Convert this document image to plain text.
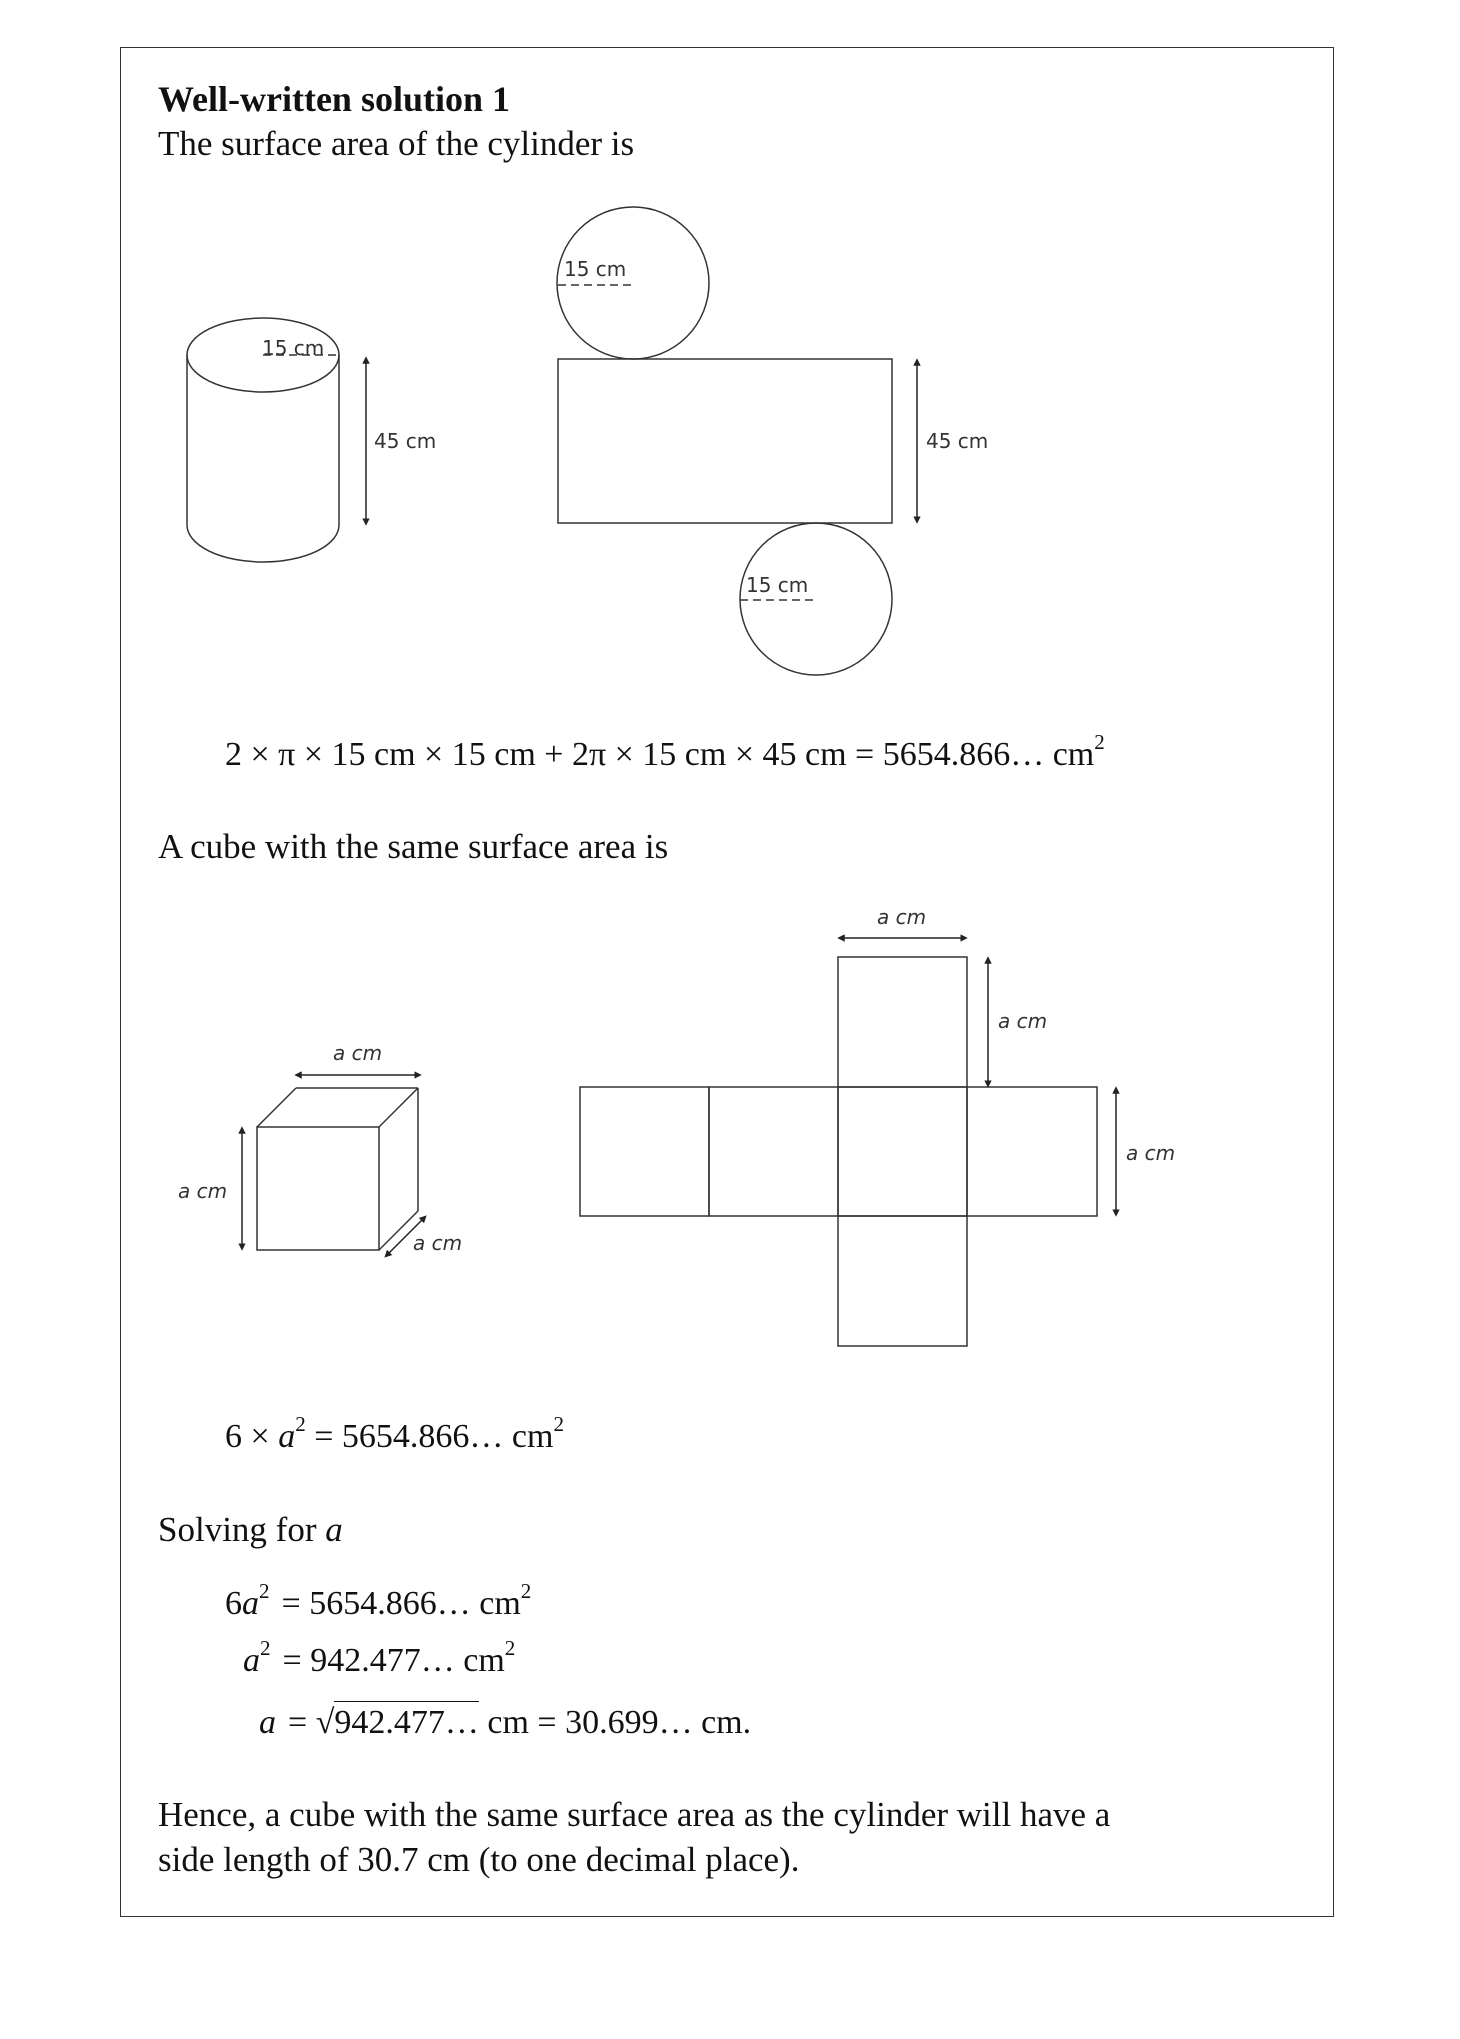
Well-written solution 1
The surface area of the cylinder is
15 cm
45 cm
15 cm
45 cm
15 cm
2 × π × 15 cm × 15 cm + 2π × 15 cm × 45 cm = 5654.866… $cm^2$
A cube with the same surface area is
a cm
a cm
a cm
a cm
a cm
a cm
$6 \times a^2$ = 5654.866… $cm^2$
Solving for a
$6a^2$ = 5654.866… $cm^2$
$a^2$ = 942.477… $cm^2$
a = √942.477… cm = 30.699… cm.
Hence, a cube with the same surface area as the cylinder will have a
side length of 30.7 cm (to one decimal place).
